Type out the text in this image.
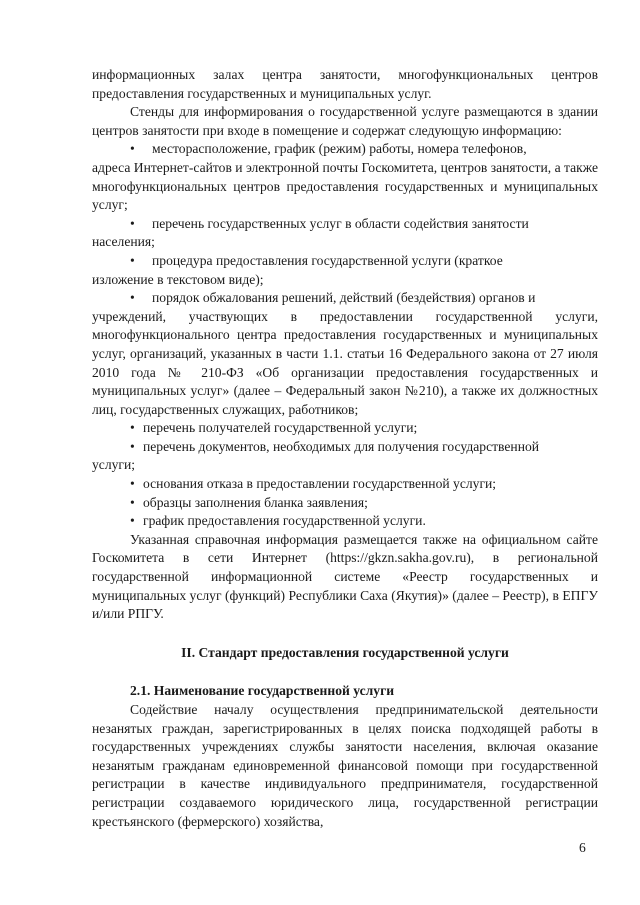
информационных залах центра занятости, многофункциональных центров предоставления государственных и муниципальных услуг.

Стенды для информирования о государственной услуге размещаются в здании центров занятости при входе в помещение и содержат следующую информацию:

• месторасположение, график (режим) работы, номера телефонов,

адреса Интернет-сайтов и электронной почты Госкомитета, центров занятости, а также многофункциональных центров предоставления государственных и муниципальных услуг;

• перечень государственных услуг в области содействия занятости

населения;

• процедура предоставления государственной услуги (краткое

изложение в текстовом виде);

• порядок обжалования решений, действий (бездействия) органов и

учреждений, участвующих в предоставлении государственной услуги, многофункционального центра предоставления государственных и муниципальных услуг, организаций, указанных в части 1.1. статьи 16 Федерального закона от 27 июля 2010 года № 210-ФЗ «Об организации предоставления государственных и муниципальных услуг» (далее – Федеральный закон №210), а также их должностных лиц, государственных служащих, работников;

• перечень получателей государственной услуги;

• перечень документов, необходимых для получения государственной

услуги;

• основания отказа в предоставлении государственной услуги;

• образцы заполнения бланка заявления;

• график предоставления государственной услуги.

Указанная справочная информация размещается также на официальном сайте Госкомитета в сети Интернет (https://gkzn.sakha.gov.ru), в региональной государственной информационной системе «Реестр государственных и муниципальных услуг (функций) Республики Саха (Якутия)» (далее – Реестр), в ЕПГУ и/или РПГУ.

II. Стандарт предоставления государственной услуги

2.1. Наименование государственной услуги

Содействие началу осуществления предпринимательской деятельности незанятых граждан, зарегистрированных в целях поиска подходящей работы в государственных учреждениях службы занятости населения, включая оказание незанятым гражданам единовременной финансовой помощи при государственной регистрации в качестве индивидуального предпринимателя, государственной регистрации создаваемого юридического лица, государственной регистрации крестьянского (фермерского) хозяйства,

6
